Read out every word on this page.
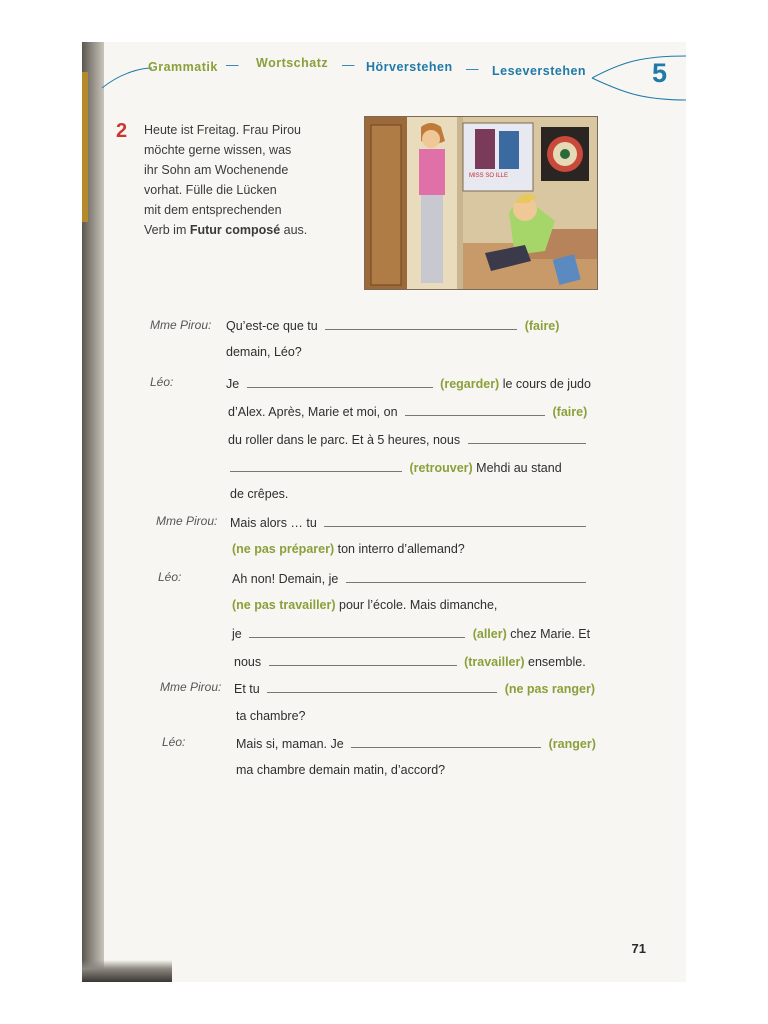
Grammatik — Wortschatz — Hörverstehen — Leseverstehen 5
2 Heute ist Freitag. Frau Pirou
möchte gerne wissen, was
ihr Sohn am Wochenende
vorhat. Fülle die Lücken
mit dem entsprechenden
Verb im Futur composé aus.
MISS SO ILLE
Mme Pirou: Qu’est-ce que tu	(faire)
demain, Léo?
Léo:	Je	(regarder) le cours de judo
d’Alex. Après, Marie et moi, on	(faire)
du roller dans le parc. Et à 5 heures, nous
(retrouver) Mehdi au stand
de crêpes.
Mme Pirou: Mais alors … tu
(ne pas préparer) ton interro d’allemand?
Léo:	Ah non! Demain, je
(ne pas travailler) pour l’école. Mais dimanche,
je	(aller) chez Marie. Et
nous	(travailler) ensemble.
Mme Pirou: Et tu	(ne pas ranger)
ta chambre?
Léo:	Mais si, maman. Je	(ranger)
ma chambre demain matin, d’accord?
71
